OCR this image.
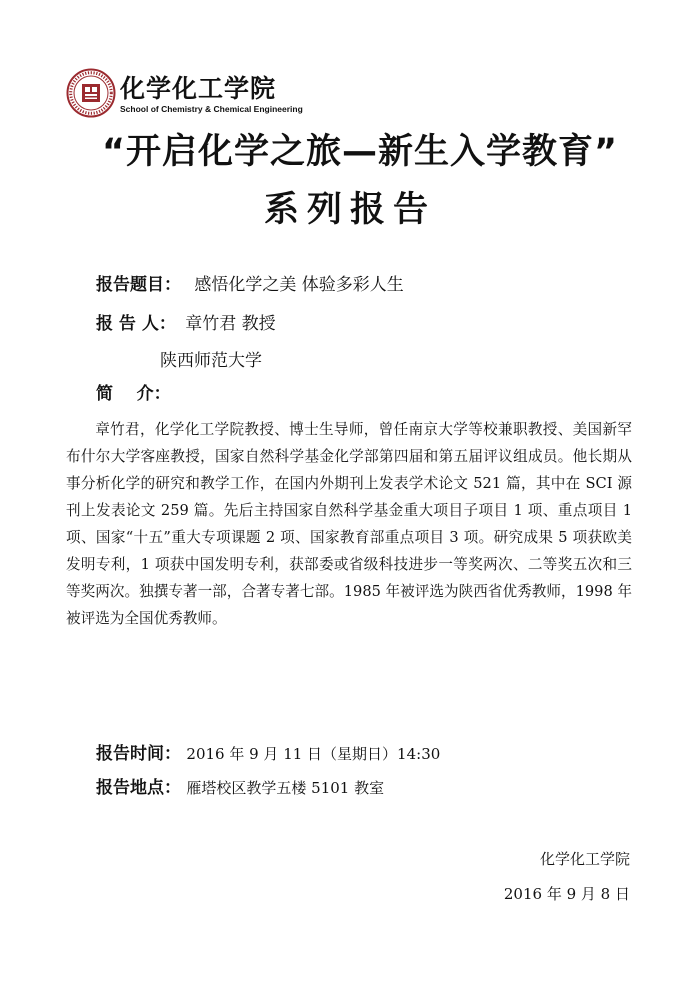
化学化工学院
School of Chemistry & Chemical Engineering
“开启化学之旅—新生入学教育”
系列报告
报告题目： 感悟化学之美 体验多彩人生
报 告 人： 章竹君 教授
陕西师范大学
简    介：

章竹君，化学化工学院教授、博士生导师，曾任南京大学等校兼职教授、美国新罕布什尔大学客座教授，国家自然科学基金化学部第四届和第五届评议组成员。他长期从事分析化学的研究和教学工作，在国内外期刊上发表学术论文 521 篇，其中在 SCI 源刊上发表论文 259 篇。先后主持国家自然科学基金重大项目子项目 1 项、重点项目 1 项、国家“十五”重大专项课题 2 项、国家教育部重点项目 3 项。研究成果 5 项获欧美发明专利，1 项获中国发明专利，获部委或省级科技进步一等奖两次、二等奖五次和三等奖两次。独撰专著一部，合著专著七部。1985 年被评选为陕西省优秀教师，1998 年被评选为全国优秀教师。

报告时间： 2016 年 9 月 11 日（星期日）14:30
报告地点： 雁塔校区教学五楼 5101 教室
化学化工学院
2016 年 9 月 8 日
